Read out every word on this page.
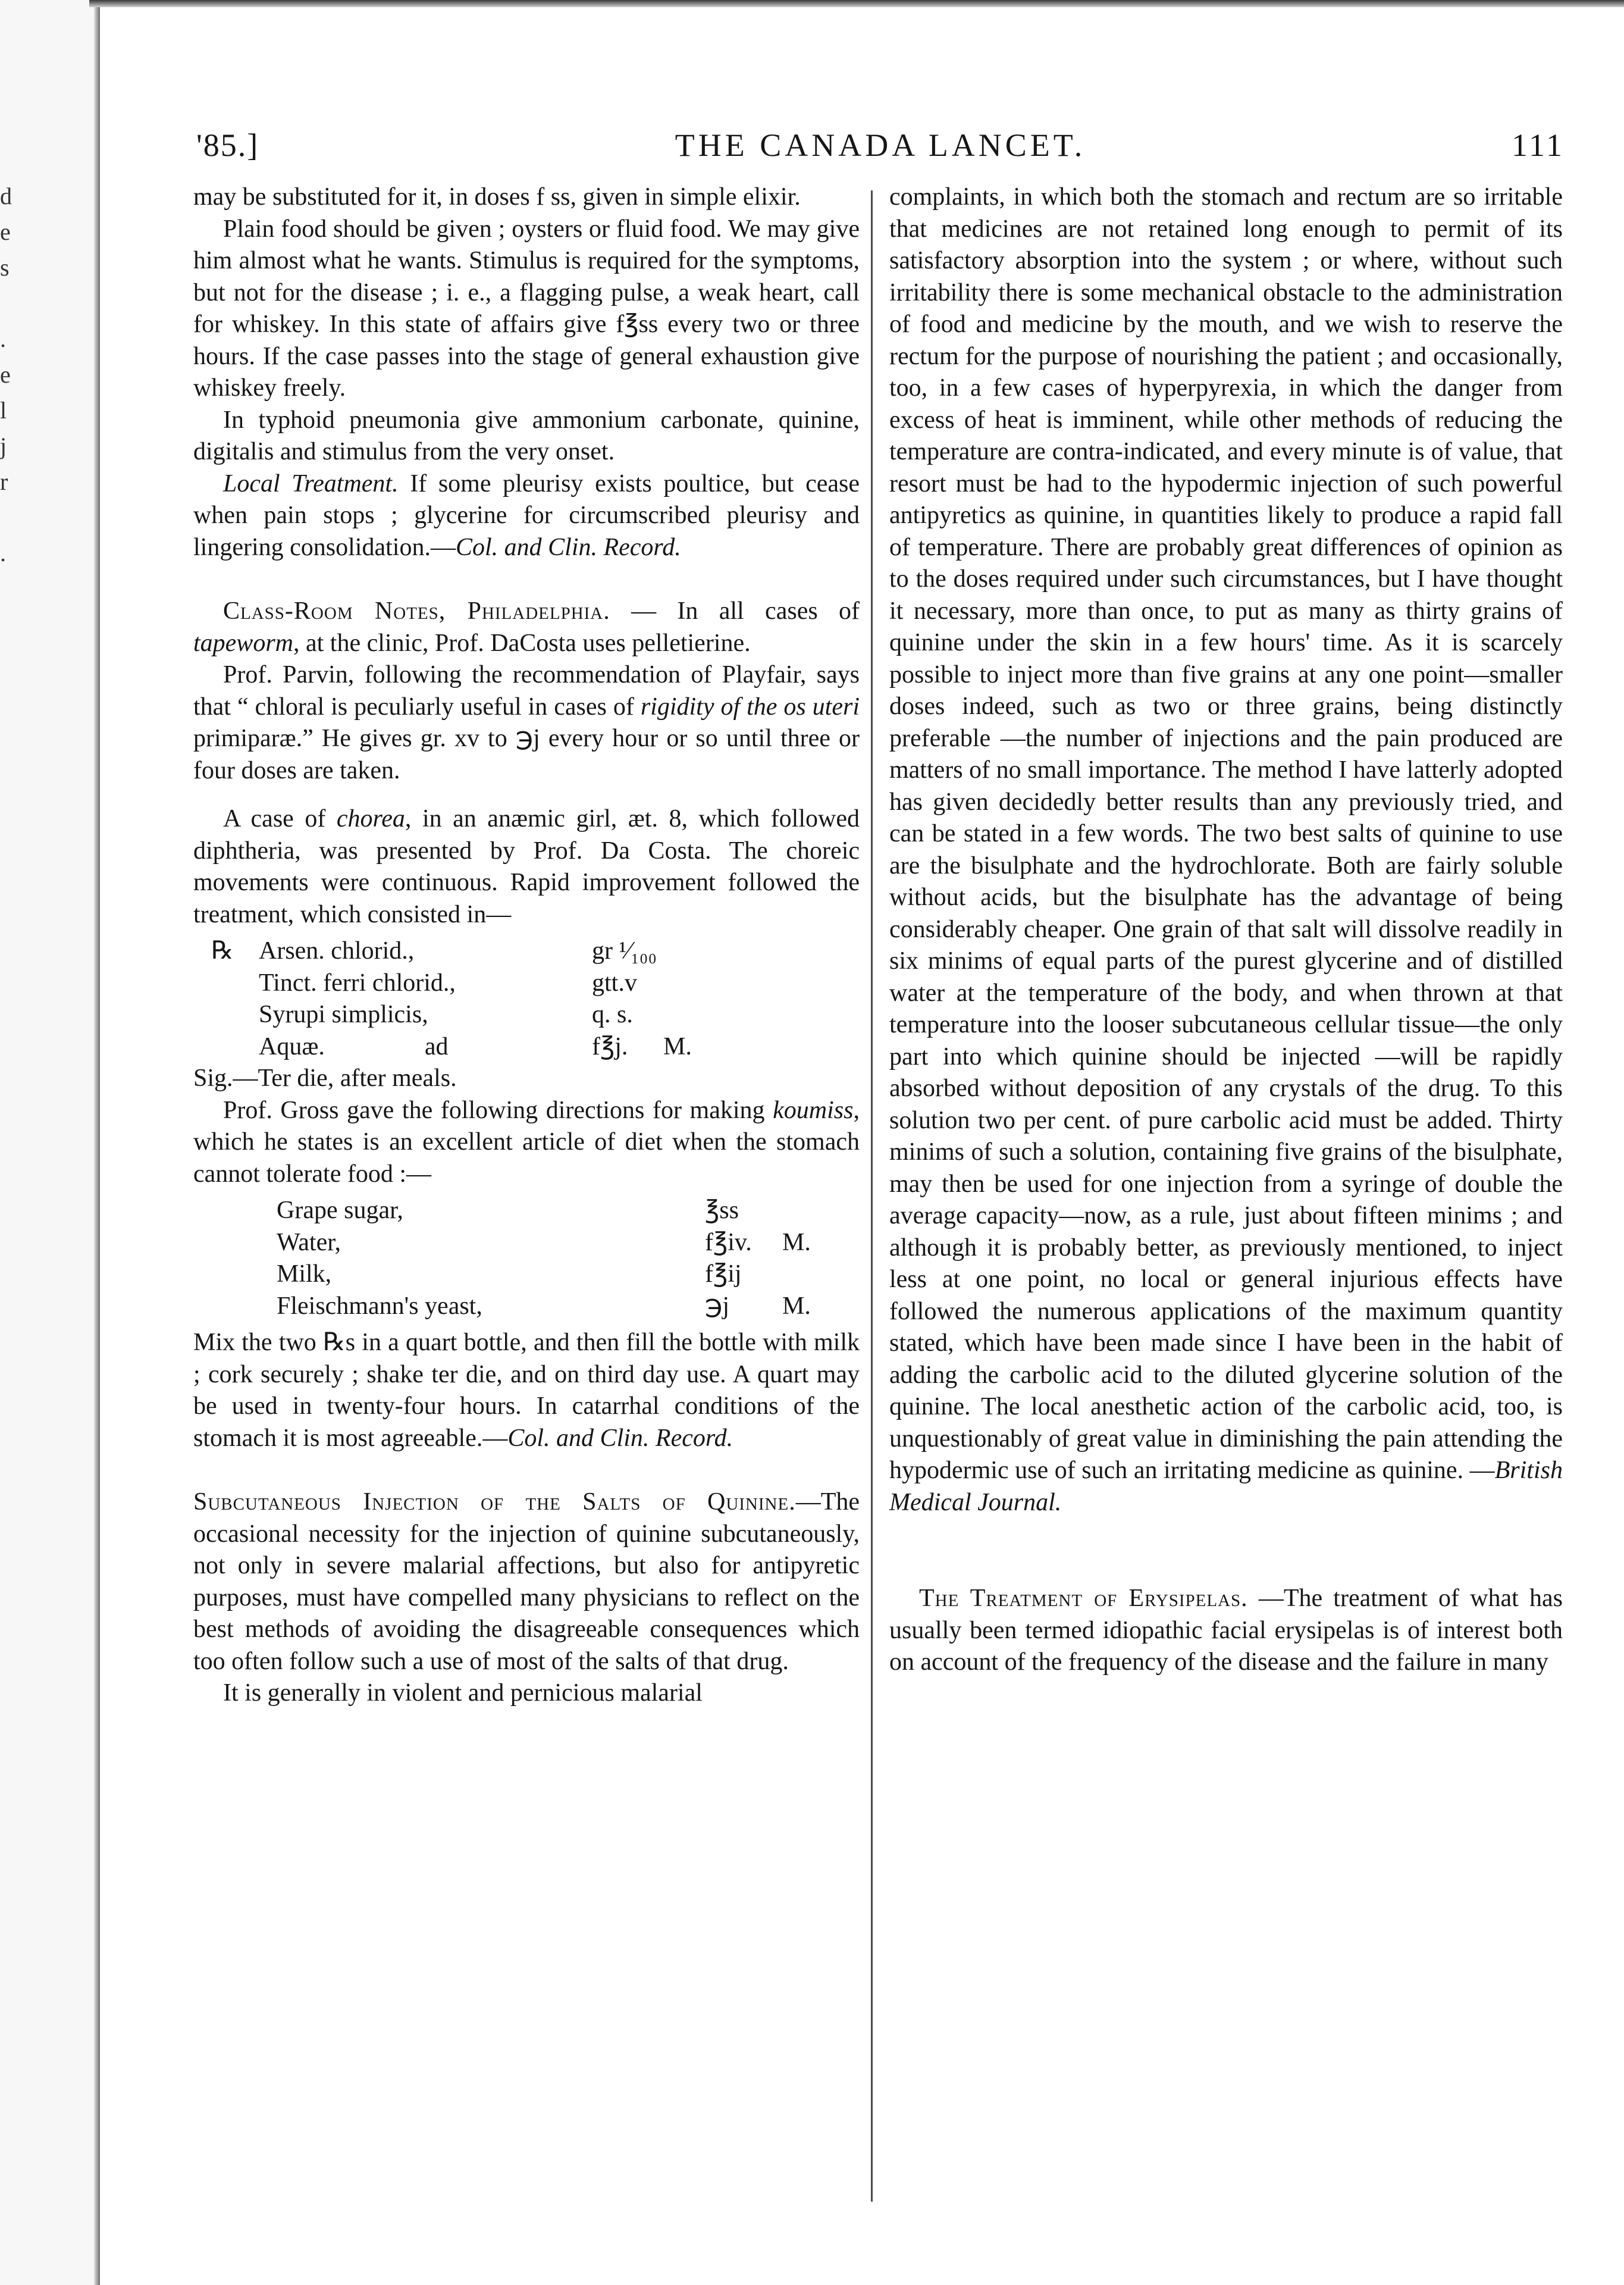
d
e
s
.
e
l
j
r
.
'85.]	THE CANADA LANCET.	111

may be substituted for it, in doses f ss, given in simple elixir.

Plain food should be given ; oysters or fluid food. We may give him almost what he wants. Stimulus is required for the symptoms, but not for the disease ; i. e., a flagging pulse, a weak heart, call for whiskey. In this state of affairs give f℥ss every two or three hours. If the case passes into the stage of general exhaustion give whiskey freely.

In typhoid pneumonia give ammonium carbonate, quinine, digitalis and stimulus from the very onset.

Local Treatment. If some pleurisy exists poultice, but cease when pain stops ; glycerine for circumscribed pleurisy and lingering consolidation.—Col. and Clin. Record.

Class-Room Notes, Philadelphia. — In all cases of tapeworm, at the clinic, Prof. DaCosta uses pelletierine.

Prof. Parvin, following the recommendation of Playfair, says that “ chloral is peculiarly useful in cases of rigidity of the os uteri primiparæ.” He gives gr. xv to ℈j every hour or so until three or four doses are taken.

A case of chorea, in an anæmic girl, æt. 8, which followed diphtheria, was presented by Prof. Da Costa. The choreic movements were continuous. Rapid improvement followed the treatment, which consisted in—

℞	Arsen. chlorid.,	gr ¹⁄₁₀₀
Tinct. ferri chlorid.,	gtt.v
Syrupi simplicis,	q. s.
Aquæ.                ad	f℥j.	M.

Sig.—Ter die, after meals.

Prof. Gross gave the following directions for making koumiss, which he states is an excellent article of diet when the stomach cannot tolerate food :—

Grape sugar,	℥ss
Water,	f℥iv.	M.
Milk,	f℥ij
Fleischmann's yeast,	℈j	M.

Mix the two ℞s in a quart bottle, and then fill the bottle with milk ; cork securely ; shake ter die, and on third day use. A quart may be used in twenty-four hours. In catarrhal conditions of the stomach it is most agreeable.—Col. and Clin. Record.

Subcutaneous Injection of the Salts of Quinine.—The occasional necessity for the injection of quinine subcutaneously, not only in severe malarial affections, but also for antipyretic purposes, must have compelled many physicians to reflect on the best methods of avoiding the disagreeable consequences which too often follow such a use of most of the salts of that drug.

It is generally in violent and pernicious malarial

complaints, in which both the stomach and rectum are so irritable that medicines are not retained long enough to permit of its satisfactory absorption into the system ; or where, without such irritability there is some mechanical obstacle to the administration of food and medicine by the mouth, and we wish to reserve the rectum for the purpose of nourishing the patient ; and occasionally, too, in a few cases of hyperpyrexia, in which the danger from excess of heat is imminent, while other methods of reducing the temperature are contra-indicated, and every minute is of value, that resort must be had to the hypodermic injection of such powerful antipyretics as quinine, in quantities likely to produce a rapid fall of temperature. There are probably great differences of opinion as to the doses required under such circumstances, but I have thought it necessary, more than once, to put as many as thirty grains of quinine under the skin in a few hours' time. As it is scarcely possible to inject more than five grains at any one point—smaller doses indeed, such as two or three grains, being distinctly preferable —the number of injections and the pain produced are matters of no small importance. The method I have latterly adopted has given decidedly better results than any previously tried, and can be stated in a few words. The two best salts of quinine to use are the bisulphate and the hydrochlorate. Both are fairly soluble without acids, but the bisulphate has the advantage of being considerably cheaper. One grain of that salt will dissolve readily in six minims of equal parts of the purest glycerine and of distilled water at the temperature of the body, and when thrown at that temperature into the looser subcutaneous cellular tissue—the only part into which quinine should be injected —will be rapidly absorbed without deposition of any crystals of the drug. To this solution two per cent. of pure carbolic acid must be added. Thirty minims of such a solution, containing five grains of the bisulphate, may then be used for one injection from a syringe of double the average capacity—now, as a rule, just about fifteen minims ; and although it is probably better, as previously mentioned, to inject less at one point, no local or general injurious effects have followed the numerous applications of the maximum quantity stated, which have been made since I have been in the habit of adding the carbolic acid to the diluted glycerine solution of the quinine. The local anesthetic action of the carbolic acid, too, is unquestionably of great value in diminishing the pain attending the hypodermic use of such an irritating medicine as quinine. —British Medical Journal.

The Treatment of Erysipelas. —The treatment of what has usually been termed idiopathic facial erysipelas is of interest both on account of the frequency of the disease and the failure in many
